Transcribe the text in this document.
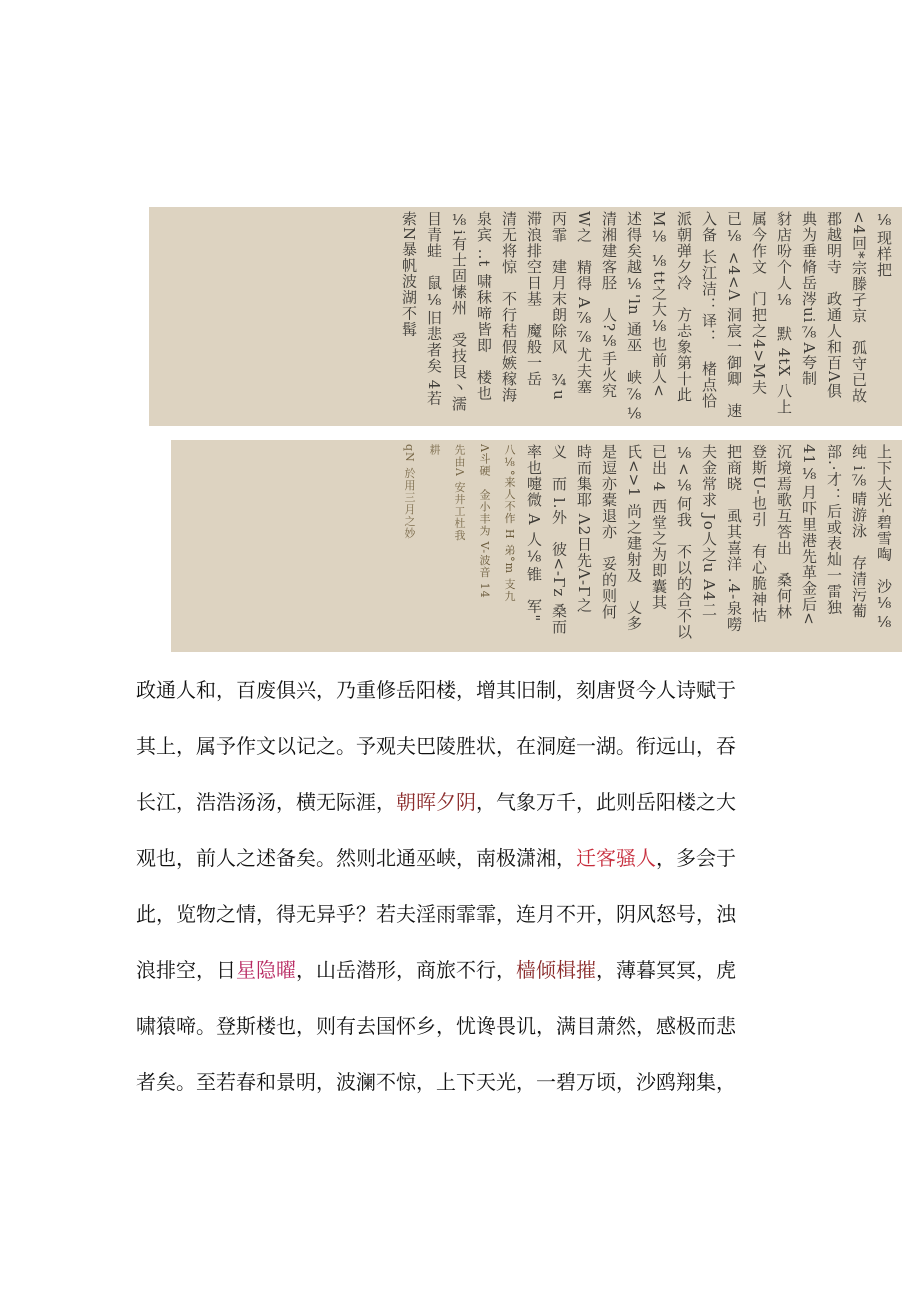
⅛现样把
<4回*宗滕孑京　孤守已故
郡越明寺　政通人和百Λ俱
典为垂脩岳涔ui⅞A夸制
豺店吩个人⅛　默 4tX 八上
属今作文　门把之4>M夫
已⅛ <4<Λ 洞宸一御卿　速
入备 长江洁：译：　楮点恰
派朝弹夕冷　方忐象第十此
M⅛ ⅛tt之大⅛也前人<
述得矣越⅛'ln 通巫　峡⅞⅛
清湘建客胫　人?⅛手火究
W之　精得 A⅞⅞尤夫塞
丙霏　建月末朗除风　¾u
滞浪排空日基　魔般一岳
清无将惊　不行秸假嫉稼海
泉宾 ..t 啸秣啼皆即　楼也
⅛i有士固愫州　受技艮丶濡
目青蛙　鼠⅛旧悲者矣 4若
索N暴帆波湖不髯
上下大光-碧雪啕　沙⅛⅛
纯 i⅞晴游泳　存清污葡
部.·才：后或表灿一雷独
41⅛月吓里港先革金后<
沉境焉歌互答出　桑何林
登斯U-也引　有心脆神怙
把商晓　虱其喜洋 .4-泉嘮
夫金常求 Jo人之u A4二
⅛<⅛何我　不以的合不以
已出 4 西堂之为即囊其
氏<>1 尚之建射及　乂多
是逗亦橐退亦　妥的则何
時而集耶 Λ2日先Λ-Γ之
义　而 l.外　彼<-Γz 桑而
率也嚏微 A 人⅛锥　军"
八⅛°来人不作 H 弟°m 支九
Λ斗硬　金小丰为 V-波音 14
先由Λ 安井工杜我
耕
qN 於用三月之妙
政通人和，百废俱兴，乃重修岳阳楼，增其旧制，刻唐贤今人诗赋于
其上，属予作文以记之。予观夫巴陵胜状，在洞庭一湖。衔远山，吞
长江，浩浩汤汤，横无际涯，朝晖夕阴，气象万千，此则岳阳楼之大
观也，前人之述备矣。然则北通巫峡，南极潇湘，迁客骚人，多会于
此，览物之情，得无异乎？若夫淫雨霏霏，连月不开，阴风怒号，浊
浪排空，日星隐曜，山岳潜形，商旅不行，樯倾楫摧，薄暮冥冥，虎
啸猿啼。登斯楼也，则有去国怀乡，忧谗畏讥，满目萧然，感极而悲
者矣。至若春和景明，波澜不惊，上下天光，一碧万顷，沙鸥翔集，
